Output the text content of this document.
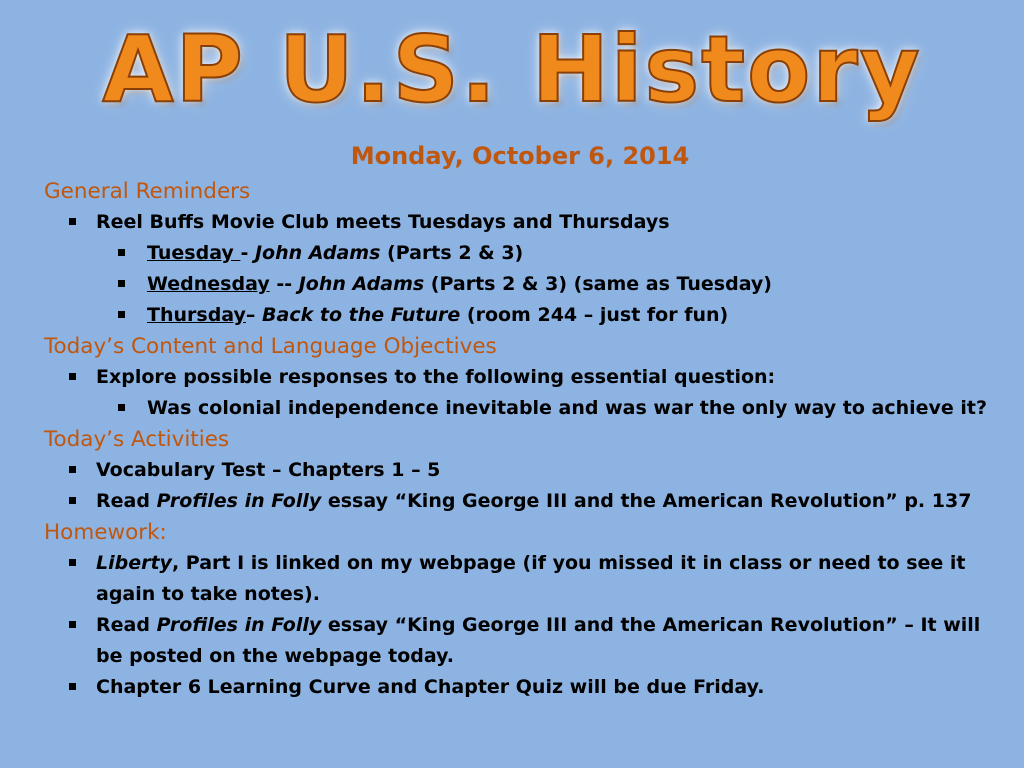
AP U.S. History
Monday, October 6, 2014
General Reminders
Reel Buffs Movie Club meets Tuesdays and Thursdays
Tuesday - John Adams (Parts 2 & 3)
Wednesday -- John Adams (Parts 2 & 3) (same as Tuesday)
Thursday– Back to the Future (room 244 – just for fun)
Today’s Content and Language Objectives
Explore possible responses to the following essential question:
Was colonial independence inevitable and was war the only way to achieve it?
Today’s Activities
Vocabulary Test – Chapters 1 – 5
Read Profiles in Folly essay “King George III and the American Revolution” p. 137
Homework:
Liberty, Part I is linked on my webpage (if you missed it in class or need to see it again to take notes).
Read Profiles in Folly essay “King George III and the American Revolution” – It will be posted on the webpage today.
Chapter 6 Learning Curve and Chapter Quiz will be due Friday.
